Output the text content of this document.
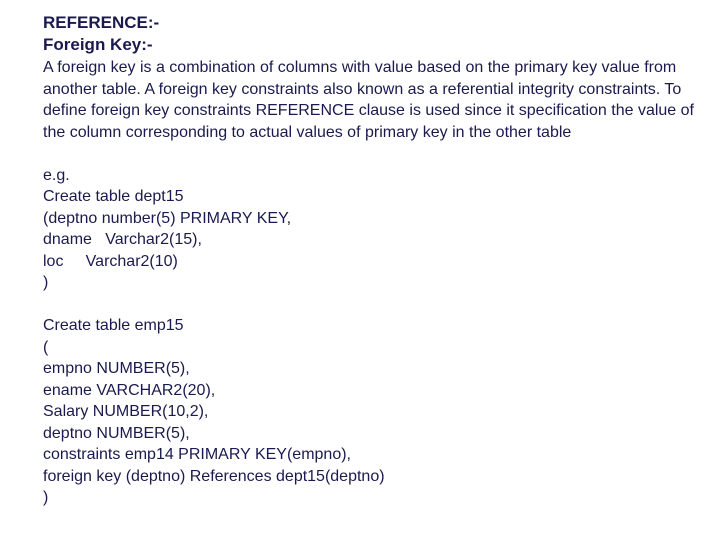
REFERENCE:-
Foreign Key:-
A foreign key is a combination of columns with value based on the primary key value from another table. A foreign key constraints also known as a referential integrity constraints. To define foreign key constraints REFERENCE clause is used since it specification the value of the column corresponding to actual values of primary key in the other table
e.g.
Create table dept15
(deptno number(5) PRIMARY KEY,
dname   Varchar2(15),
loc     Varchar2(10)
)
Create table emp15
(
empno NUMBER(5),
ename VARCHAR2(20),
Salary NUMBER(10,2),
deptno NUMBER(5),
constraints emp14 PRIMARY KEY(empno),
foreign key (deptno) References dept15(deptno)
)
